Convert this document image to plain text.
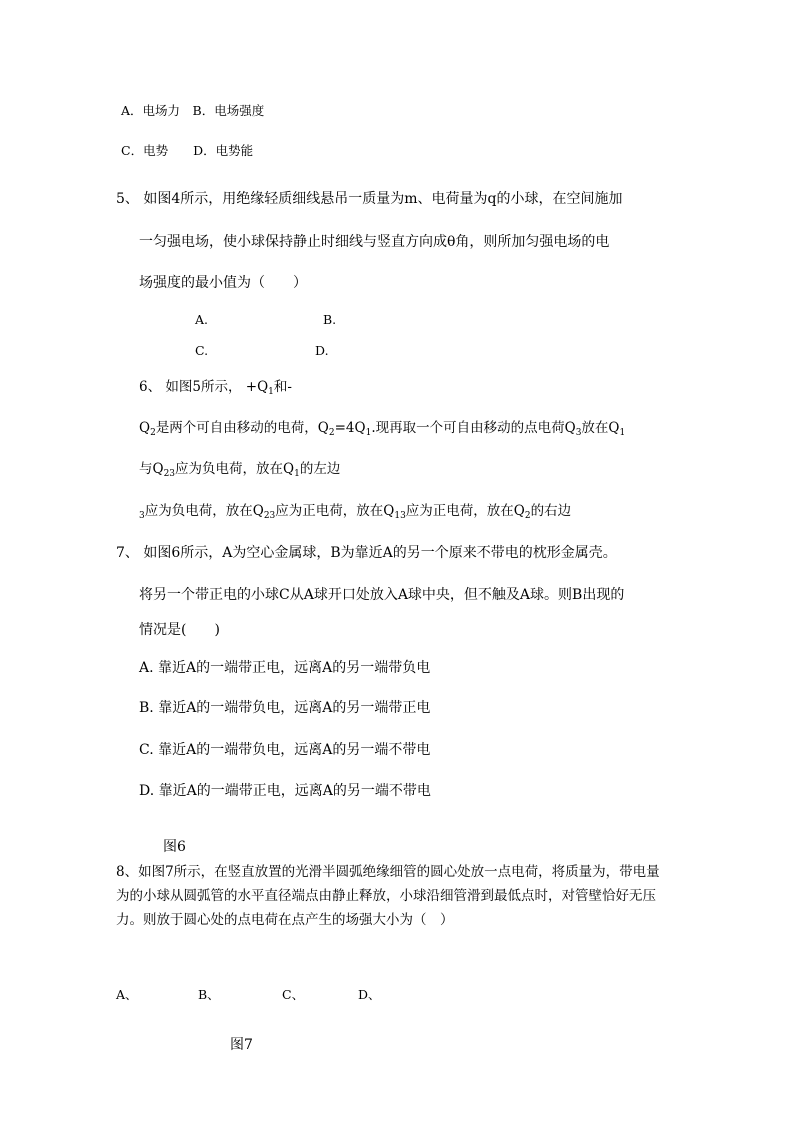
A．电场力　B．电场强度
C．电势　　D．电势能
5、 如图4所示，用绝缘轻质细线悬吊一质量为m、电荷量为q的小球，在空间施加
一匀强电场，使小球保持静止时细线与竖直方向成θ角，则所加匀强电场的电
场强度的最小值为（　　）
A.	B.
C.	D.
6、 如图5所示， $+Q_1$和-
$Q_2$是两个可自由移动的电荷，$Q_2=4Q_1$.现再取一个可自由移动的点电荷$Q_3$放在$Q_1$
与$Q_{23}$应为负电荷，放在$Q_1$的左边
$_3$应为负电荷，放在$Q_{23}$应为正电荷，放在$Q_{13}$应为正电荷，放在$Q_2$的右边
7、 如图6所示，A为空心金属球，B为靠近A的另一个原来不带电的枕形金属壳。
将另一个带正电的小球C从A球开口处放入A球中央，但不触及A球。则B出现的
情况是(　　)
A. 靠近A的一端带正电，远离A的另一端带负电
B. 靠近A的一端带负电，远离A的另一端带正电
C. 靠近A的一端带负电，远离A的另一端不带电
D. 靠近A的一端带正电，远离A的另一端不带电
图6
8、如图7所示，在竖直放置的光滑半圆弧绝缘细管的圆心处放一点电荷，将质量为，带电量
为的小球从圆弧管的水平直径端点由静止释放，小球沿细管滑到最低点时，对管壁恰好无压
力。则放于圆心处的点电荷在点产生的场强大小为（　）
A、	B、	C、	D、
图7
